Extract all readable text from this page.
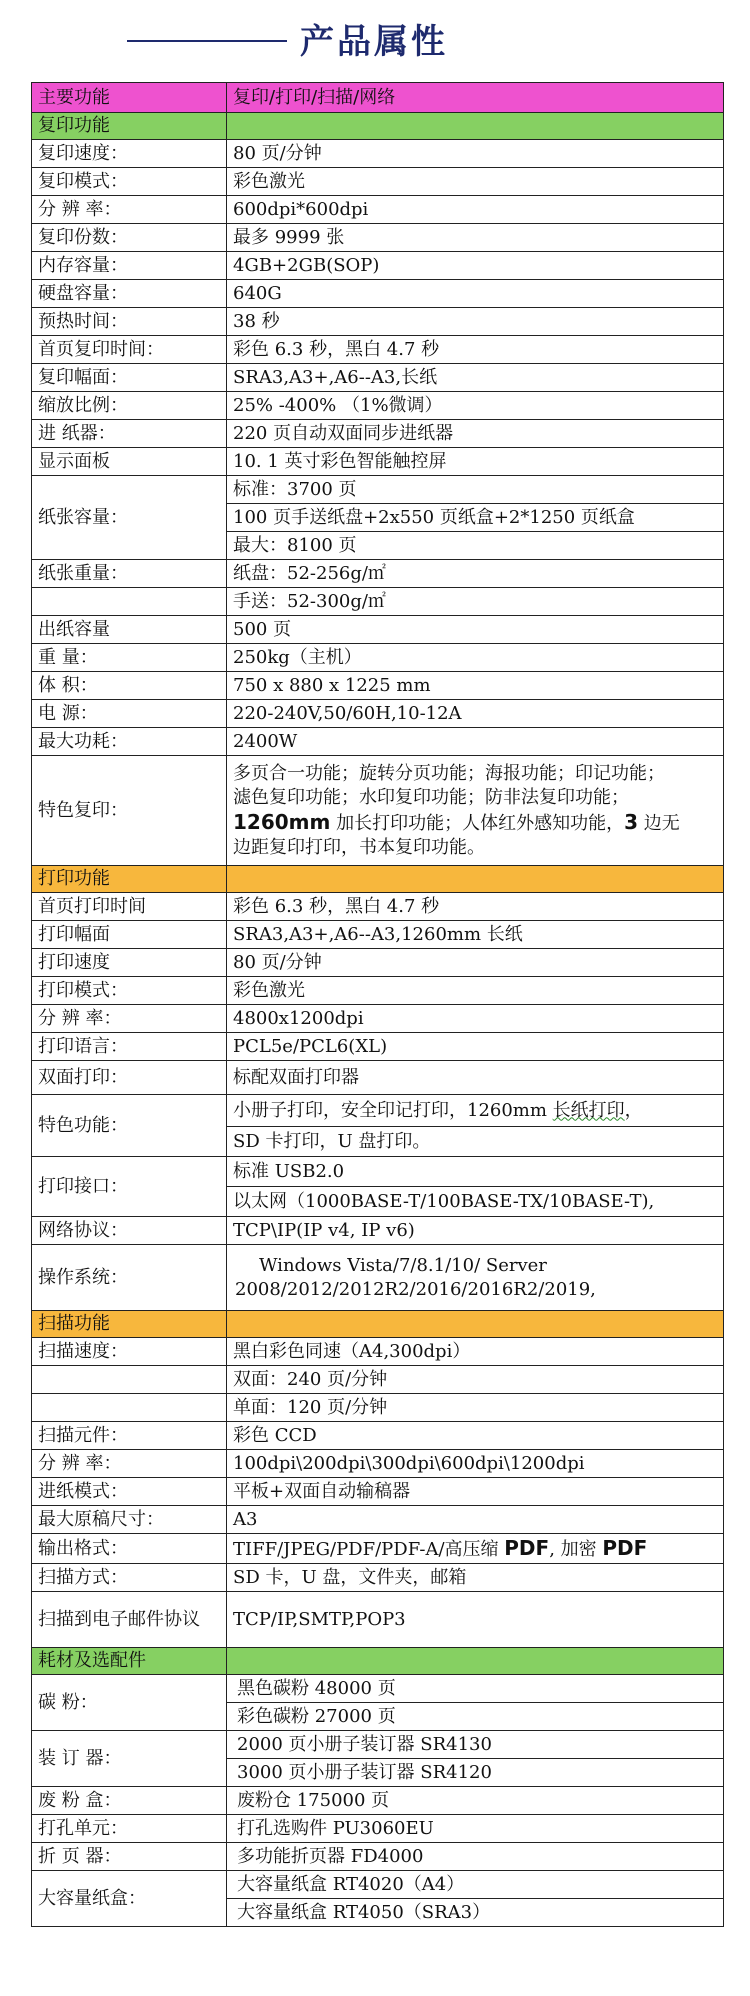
产品属性
主要功能	复印/打印/扫描/网络
复印功能	
复印速度：	80 页/分钟
复印模式：	彩色激光
分 辨 率：	600dpi*600dpi
复印份数：	最多 9999 张
内存容量：	4GB+2GB(SOP)
硬盘容量：	640G
预热时间：	38 秒
首页复印时间：	彩色 6.3 秒，黑白 4.7 秒
复印幅面：	SRA3,A3+,A6--A3,长纸
缩放比例：	25% -400% （1%微调）
进 纸器：	220 页自动双面同步进纸器
显示面板	10. 1 英寸彩色智能触控屏
纸张容量：	标准：3700 页
	100 页手送纸盘+2x550 页纸盒+2*1250 页纸盒
	最大：8100 页
纸张重量：	纸盘：52-256g/㎡
	手送：52-300g/㎡
出纸容量	500 页
重 量：	250kg（主机）
体 积：	750 x 880 x 1225 mm
电 源：	220-240V,50/60H,10-12A
最大功耗：	2400W
特色复印：	多页合一功能；旋转分页功能；海报功能；印记功能；
滤色复印功能；水印复印功能；防非法复印功能；
1260mm 加长打印功能；人体红外感知功能，3 边无
边距复印打印，书本复印功能。

打印功能	
首页打印时间	彩色 6.3 秒，黑白 4.7 秒
打印幅面	SRA3,A3+,A6--A3,1260mm 长纸
打印速度	80 页/分钟
打印模式：	彩色激光
分 辨 率：	4800x1200dpi
打印语言：	PCL5e/PCL6(XL)
双面打印：	标配双面打印器
特色功能：	小册子打印，安全印记打印，1260mm 长纸打印，
	SD 卡打印，U 盘打印。
打印接口：	标准 USB2.0
	以太网（1000BASE-T/100BASE-TX/10BASE-T),
网络协议：	TCP\IP(IP v4, IP v6)
操作系统：	Windows Vista/7/8.1/10/ Server
2008/2012/2012R2/2016/2016R2/2019,

扫描功能	
扫描速度：	黑白彩色同速（A4,300dpi）
	双面：240 页/分钟
	单面：120 页/分钟
扫描元件：	彩色 CCD
分 辨 率：	100dpi\200dpi\300dpi\600dpi\1200dpi
进纸模式：	平板+双面自动输稿器
最大原稿尺寸：	A3
输出格式：	TIFF/JPEG/PDF/PDF-A/高压缩 PDF, 加密 PDF
扫描方式：	SD 卡，U 盘，文件夹，邮箱
扫描到电子邮件协议	TCP/IP,SMTP,POP3
耗材及选配件	
碳 粉：	黑色碳粉 48000 页
	彩色碳粉 27000 页
装 订 器：	2000 页小册子装订器 SR4130
	3000 页小册子装订器 SR4120
废 粉 盒：	废粉仓 175000 页
打孔单元：	打孔选购件 PU3060EU
折 页 器：	多功能折页器 FD4000
大容量纸盒：	大容量纸盒 RT4020（A4）
	大容量纸盒 RT4050（SRA3）
